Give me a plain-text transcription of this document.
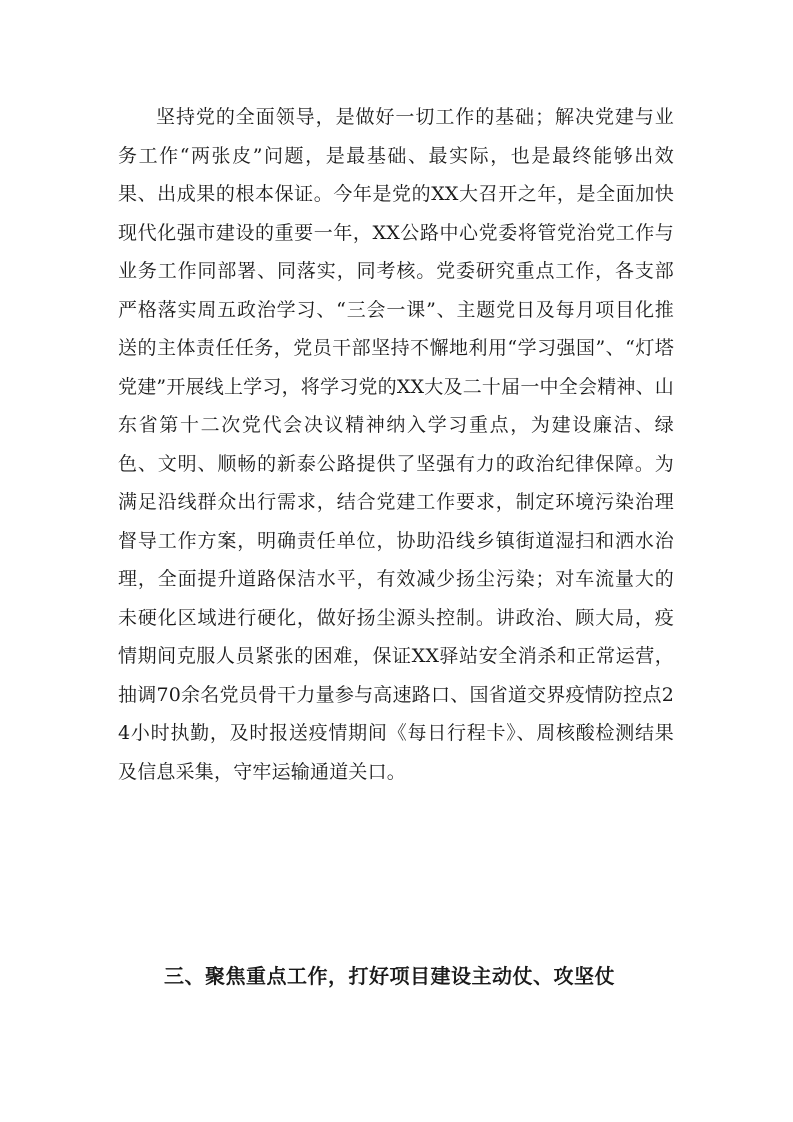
坚持党的全面领导，是做好一切工作的基础；解决党建与业务工作“两张皮”问题，是最基础、最实际，也是最终能够出效果、出成果的根本保证。今年是党的XX大召开之年，是全面加快现代化强市建设的重要一年，XX公路中心党委将管党治党工作与业务工作同部署、同落实，同考核。党委研究重点工作，各支部严格落实周五政治学习、“三会一课”、主题党日及每月项目化推送的主体责任任务，党员干部坚持不懈地利用“学习强国”、“灯塔党建”开展线上学习，将学习党的XX大及二十届一中全会精神、山东省第十二次党代会决议精神纳入学习重点，为建设廉洁、绿色、文明、顺畅的新泰公路提供了坚强有力的政治纪律保障。为满足沿线群众出行需求，结合党建工作要求，制定环境污染治理督导工作方案，明确责任单位，协助沿线乡镇街道湿扫和洒水治理，全面提升道路保洁水平，有效减少扬尘污染；对车流量大的未硬化区域进行硬化，做好扬尘源头控制。讲政治、顾大局，疫情期间克服人员紧张的困难，保证XX驿站安全消杀和正常运营，抽调70余名党员骨干力量参与高速路口、国省道交界疫情防控点24小时执勤，及时报送疫情期间《每日行程卡》、周核酸检测结果及信息采集，守牢运输通道关口。

三、聚焦重点工作，打好项目建设主动仗、攻坚仗
